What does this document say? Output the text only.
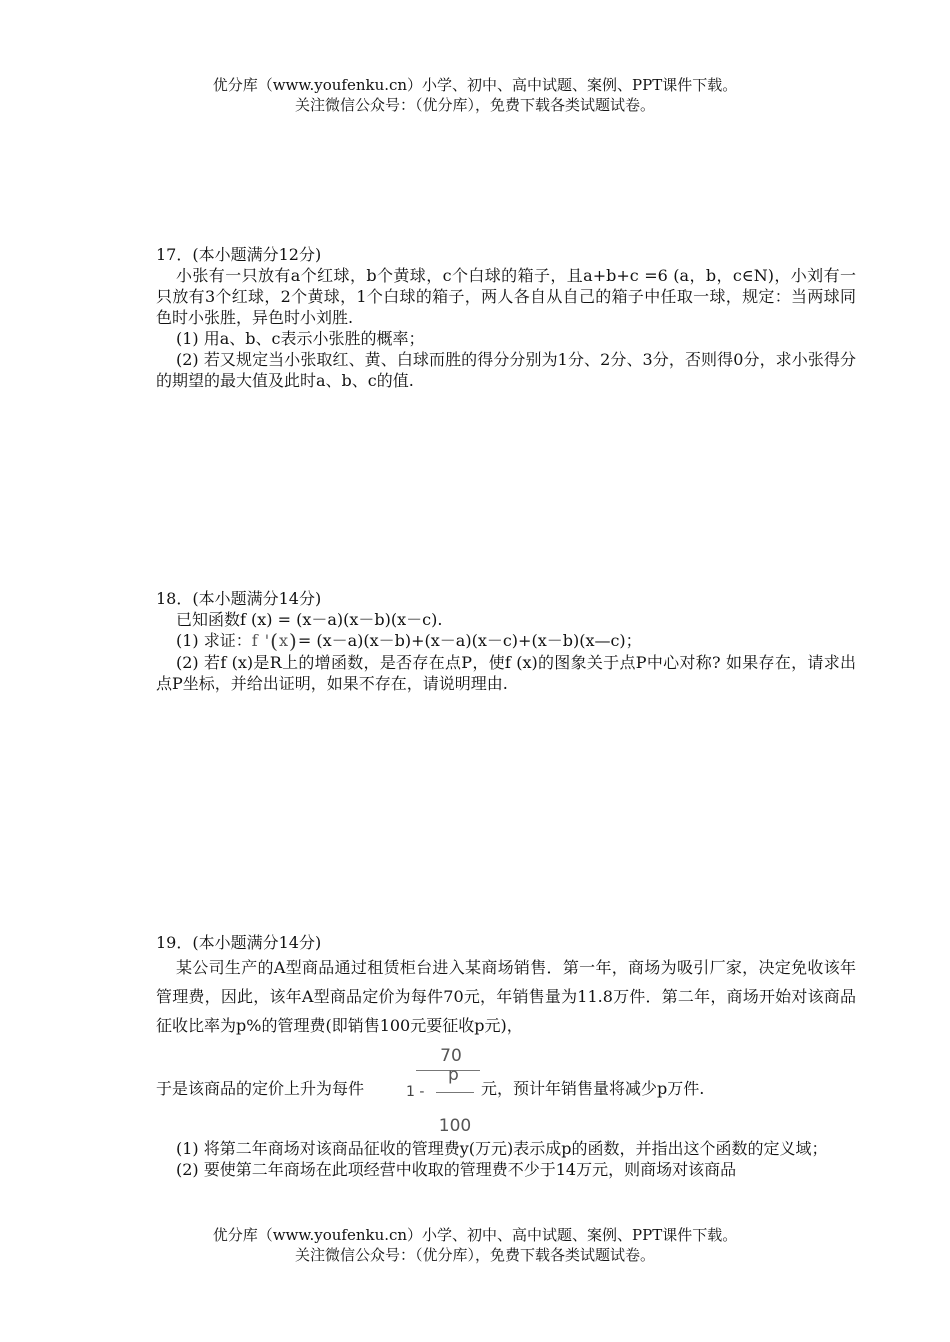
优分库（www.youfenku.cn）小学、初中、高中试题、案例、PPT课件下载。
关注微信公众号：（优分库），免费下载各类试题试卷。

17．(本小题满分12分)

小张有一只放有a个红球，b个黄球，c个白球的箱子，且a+b+c =6 (a，b，c∈N)，小刘有一只放有3个红球，2个黄球，1个白球的箱子，两人各自从自己的箱子中任取一球，规定：当两球同色时小张胜，异色时小刘胜.

(1) 用a、b、c表示小张胜的概率；

(2) 若又规定当小张取红、黄、白球而胜的得分分别为1分、2分、3分，否则得0分，求小张得分的期望的最大值及此时a、b、c的值.

18．(本小题满分14分)

已知函数f (x) = (x－a)(x－b)(x－c).

(1) 求证：f '(x)= (x－a)(x－b)+(x－a)(x－c)+(x－b)(x—c)；

(2) 若f (x)是R上的增函数，是否存在点P，使f (x)的图象关于点P中心对称? 如果存在，请求出点P坐标，并给出证明，如果不存在，请说明理由.

19．(本小题满分14分)

某公司生产的A型商品通过租赁柜台进入某商场销售．第一年，商场为吸引厂家，决定免收该年管理费，因此，该年A型商品定价为每件70元，年销售量为11.8万件．第二年，商场开始对该商品征收比率为p%的管理费(即销售100元要征收p元)，

于是该商品的定价上升为每件
70
1 -
p
100
元，预计年销售量将减少p万件.

(1) 将第二年商场对该商品征收的管理费y(万元)表示成p的函数，并指出这个函数的定义域；

(2) 要使第二年商场在此项经营中收取的管理费不少于14万元，则商场对该商品

优分库（www.youfenku.cn）小学、初中、高中试题、案例、PPT课件下载。
关注微信公众号：（优分库），免费下载各类试题试卷。
